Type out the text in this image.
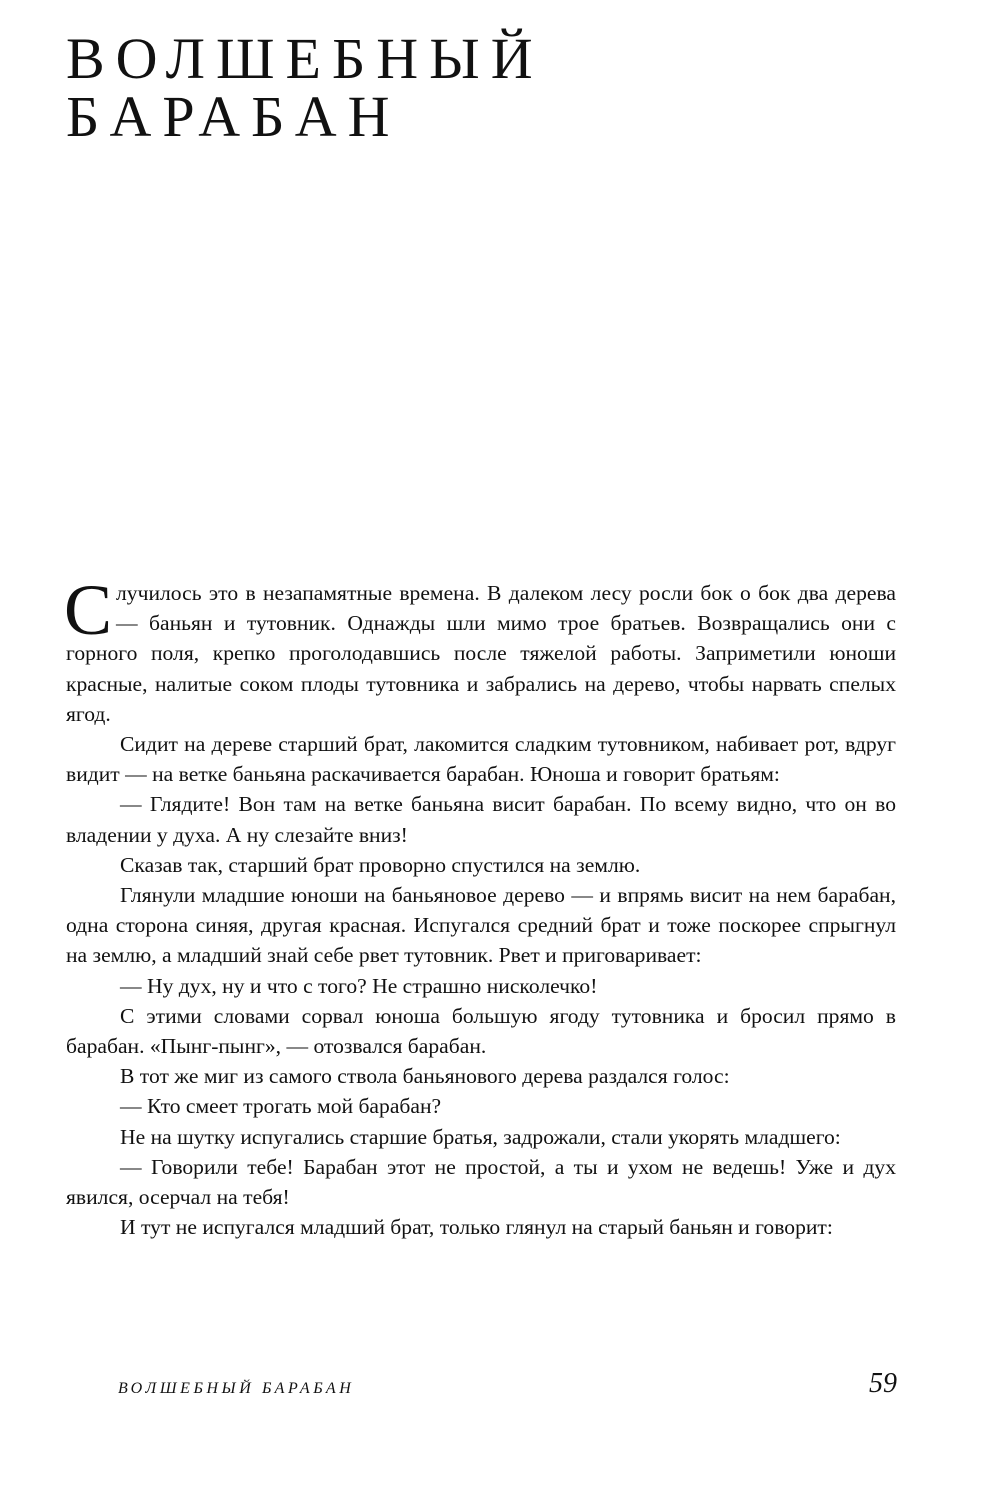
ВОЛШЕБНЫЙ
БАРАБАН

Случилось это в незапамятные времена. В далеком лесу росли бок о бок два дерева — баньян и тутовник. Однажды шли мимо трое братьев. Возвращались они с горного поля, крепко проголодавшись после тяжелой работы. Заприметили юноши красные, налитые соком плоды тутовника и забрались на дерево, чтобы нарвать спелых ягод.

Сидит на дереве старший брат, лакомится сладким тутовником, набивает рот, вдруг видит — на ветке баньяна раскачивается барабан. Юноша и говорит братьям:

— Глядите! Вон там на ветке баньяна висит барабан. По всему видно, что он во владении у духа. А ну слезайте вниз!

Сказав так, старший брат проворно спустился на землю.

Глянули младшие юноши на баньяновое дерево — и впрямь висит на нем барабан, одна сторона синяя, другая красная. Испугался средний брат и тоже поскорее спрыгнул на землю, а младший знай себе рвет тутовник. Рвет и приговаривает:

— Ну дух, ну и что с того? Не страшно нисколечко!

С этими словами сорвал юноша большую ягоду тутовника и бросил прямо в барабан. «Пынг-пынг», — отозвался барабан.

В тот же миг из самого ствола баньянового дерева раздался голос:

— Кто смеет трогать мой барабан?

Не на шутку испугались старшие братья, задрожали, стали укорять младшего:

— Говорили тебе! Барабан этот не простой, а ты и ухом не ведешь! Уже и дух явился, осерчал на тебя!

И тут не испугался младший брат, только глянул на старый баньян и говорит:

ВОЛШЕБНЫЙ БАРАБАН	59
